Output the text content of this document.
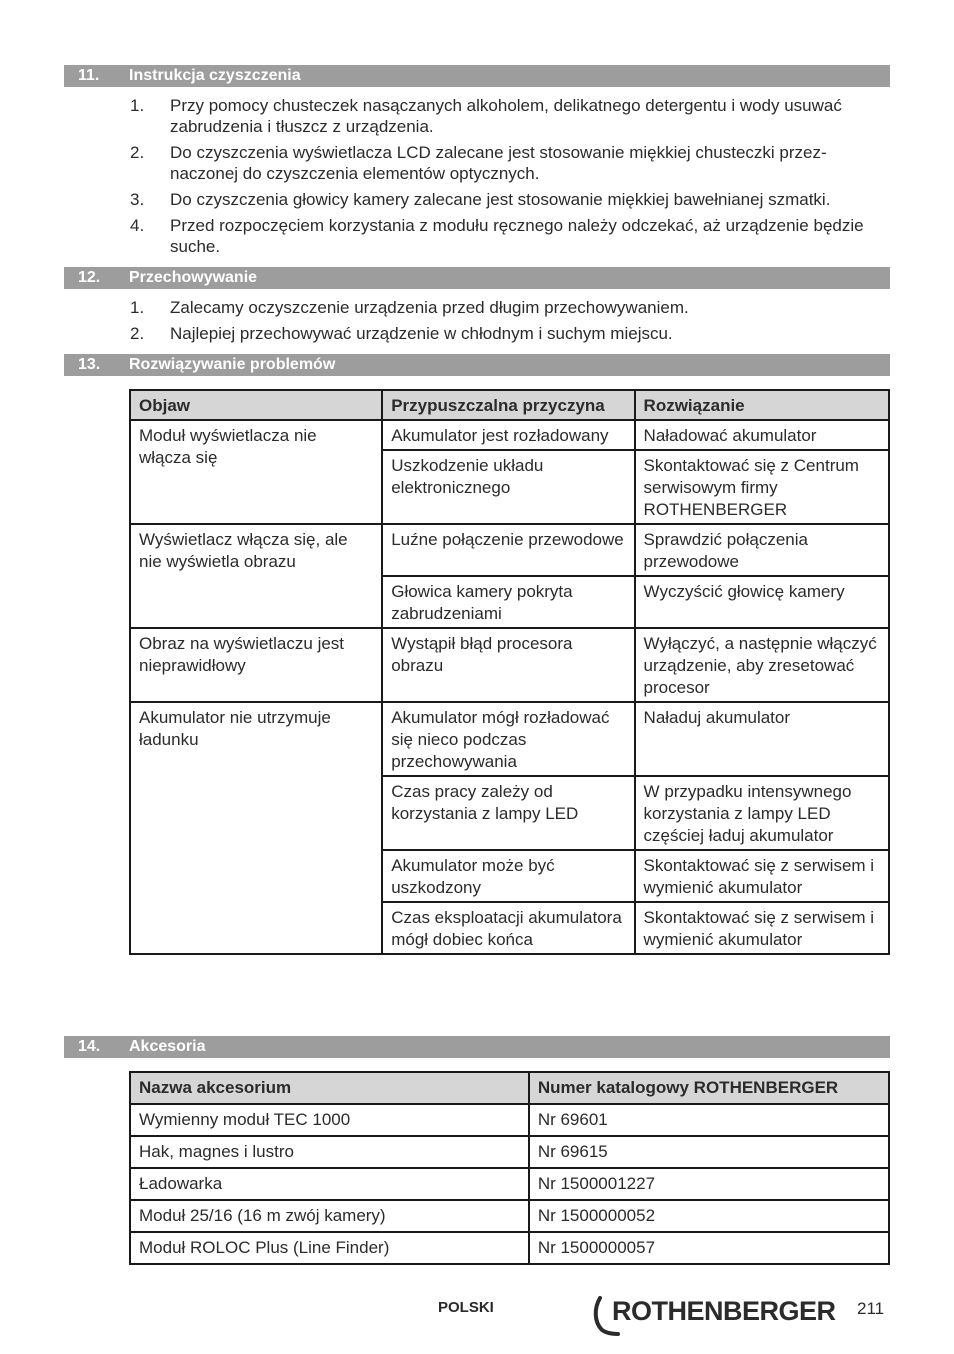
11. Instrukcja czyszczenia
1. Przy pomocy chusteczek nasączanych alkoholem, delikatnego detergentu i wody usuwać zabrudzenia i tłuszcz z urządzenia.
2. Do czyszczenia wyświetlacza LCD zalecane jest stosowanie miękkiej chusteczki przez- naczonej do czyszczenia elementów optycznych.
3. Do czyszczenia głowicy kamery zalecane jest stosowanie miękkiej bawełnianej szmatki.
4. Przed rozpoczęciem korzystania z modułu ręcznego należy odczekać, aż urządzenie będzie suche.
12. Przechowywanie
1. Zalecamy oczyszczenie urządzenia przed długim przechowywaniem.
2. Najlepiej przechowywać urządzenie w chłodnym i suchym miejscu.
13. Rozwiązywanie problemów
Objaw	Przypuszczalna przyczyna	Rozwiązanie
Moduł wyświetlacza nie włącza się	Akumulator jest rozładowany	Naładować akumulator
	Uszkodzenie układu elektronicznego	Skontaktować się z Centrum serwisowym firmy ROTHENBERGER
Wyświetlacz włącza się, ale nie wyświetla obrazu	Luźne połączenie przewodowe	Sprawdzić połączenia przewodowe
	Głowica kamery pokryta zabrudzeniami	Wyczyścić głowicę kamery
Obraz na wyświetlaczu jest nieprawidłowy	Wystąpił błąd procesora obrazu	Wyłączyć, a następnie włączyć urządzenie, aby zresetować procesor
Akumulator nie utrzymuje ładunku	Akumulator mógł rozładować się nieco podczas przechowywania	Naładuj akumulator
	Czas pracy zależy od korzystania z lampy LED	W przypadku intensywnego korzystania z lampy LED częściej ładuj akumulator
	Akumulator może być uszkodzony	Skontaktować się z serwisem i wymienić akumulator
	Czas eksploatacji akumulatora mógł dobiec końca	Skontaktować się z serwisem i wymienić akumulator
14. Akcesoria
Nazwa akcesorium	Numer katalogowy ROTHENBERGER
Wymienny moduł TEC 1000	Nr 69601
Hak, magnes i lustro	Nr 69615
Ładowarka	Nr 1500001227
Moduł 25/16 (16 m zwój kamery)	Nr 1500000052
Moduł ROLOC Plus (Line Finder)	Nr 1500000057
POLSKI	ROTHENBERGER 211
